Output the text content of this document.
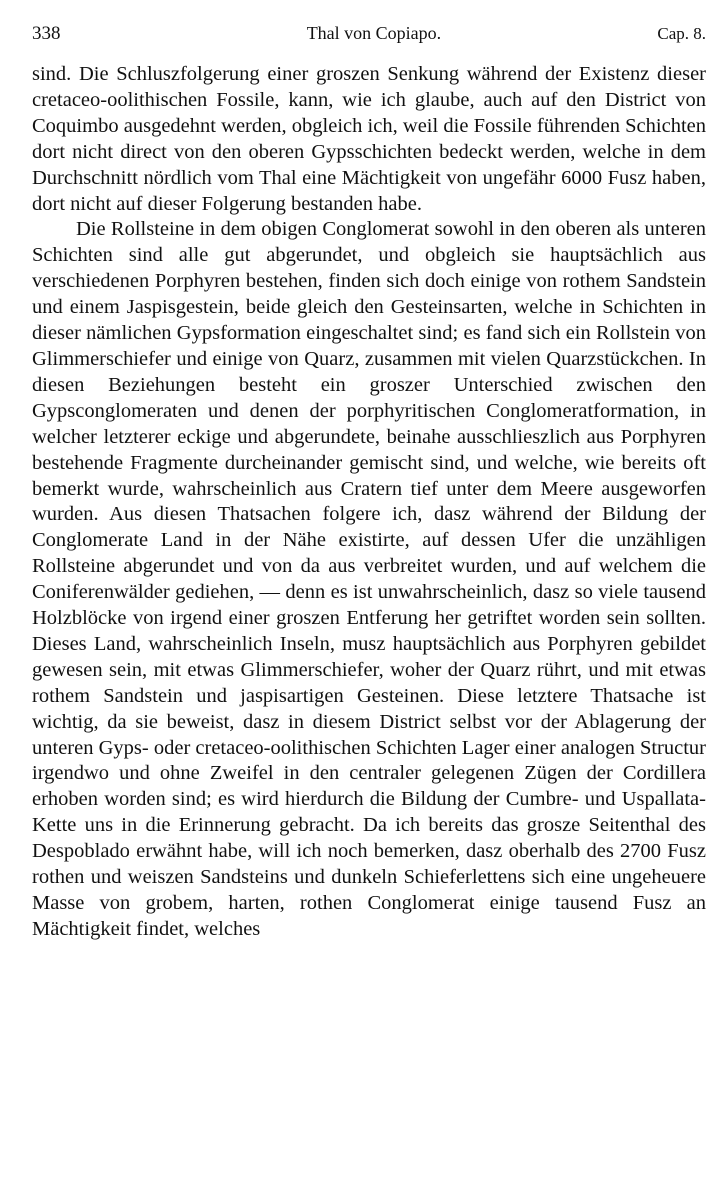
338	Thal von Copiapo.	Cap. 8.

sind. Die Schluszfolgerung einer groszen Senkung während der Existenz dieser cretaceo-oolithischen Fossile, kann, wie ich glaube, auch auf den District von Coquimbo ausgedehnt werden, obgleich ich, weil die Fossile führenden Schichten dort nicht direct von den oberen Gypsschichten bedeckt werden, welche in dem Durchschnitt nördlich vom Thal eine Mächtigkeit von ungefähr 6000 Fusz haben, dort nicht auf dieser Folgerung bestanden habe.

Die Rollsteine in dem obigen Conglomerat sowohl in den oberen als unteren Schichten sind alle gut abgerundet, und obgleich sie hauptsächlich aus verschiedenen Porphyren bestehen, finden sich doch einige von rothem Sandstein und einem Jaspisgestein, beide gleich den Gesteinsarten, welche in Schichten in dieser nämlichen Gypsformation eingeschaltet sind; es fand sich ein Rollstein von Glimmerschiefer und einige von Quarz, zusammen mit vielen Quarzstückchen. In diesen Beziehungen besteht ein groszer Unterschied zwischen den Gypsconglomeraten und denen der porphyritischen Conglomeratformation, in welcher letzterer eckige und abgerundete, beinahe ausschlieszlich aus Porphyren bestehende Fragmente durcheinander gemischt sind, und welche, wie bereits oft bemerkt wurde, wahrscheinlich aus Cratern tief unter dem Meere ausgeworfen wurden. Aus diesen Thatsachen folgere ich, dasz während der Bildung der Conglomerate Land in der Nähe existirte, auf dessen Ufer die unzähligen Rollsteine abgerundet und von da aus verbreitet wurden, und auf welchem die Coniferenwälder gediehen, — denn es ist unwahrscheinlich, dasz so viele tausend Holzblöcke von irgend einer groszen Entferung her getriftet worden sein sollten. Dieses Land, wahrscheinlich Inseln, musz hauptsächlich aus Porphyren gebildet gewesen sein, mit etwas Glimmerschiefer, woher der Quarz rührt, und mit etwas rothem Sandstein und jaspisartigen Gesteinen. Diese letztere Thatsache ist wichtig, da sie beweist, dasz in diesem District selbst vor der Ablagerung der unteren Gyps- oder cretaceo-oolithischen Schichten Lager einer analogen Structur irgendwo und ohne Zweifel in den centraler gelegenen Zügen der Cordillera erhoben worden sind; es wird hierdurch die Bildung der Cumbre- und Uspallata-Kette uns in die Erinnerung gebracht. Da ich bereits das grosze Seitenthal des Despoblado erwähnt habe, will ich noch bemerken, dasz oberhalb des 2700 Fusz rothen und weiszen Sandsteins und dunkeln Schieferlettens sich eine ungeheuere Masse von grobem, harten, rothen Conglomerat einige tausend Fusz an Mächtigkeit findet, welches
